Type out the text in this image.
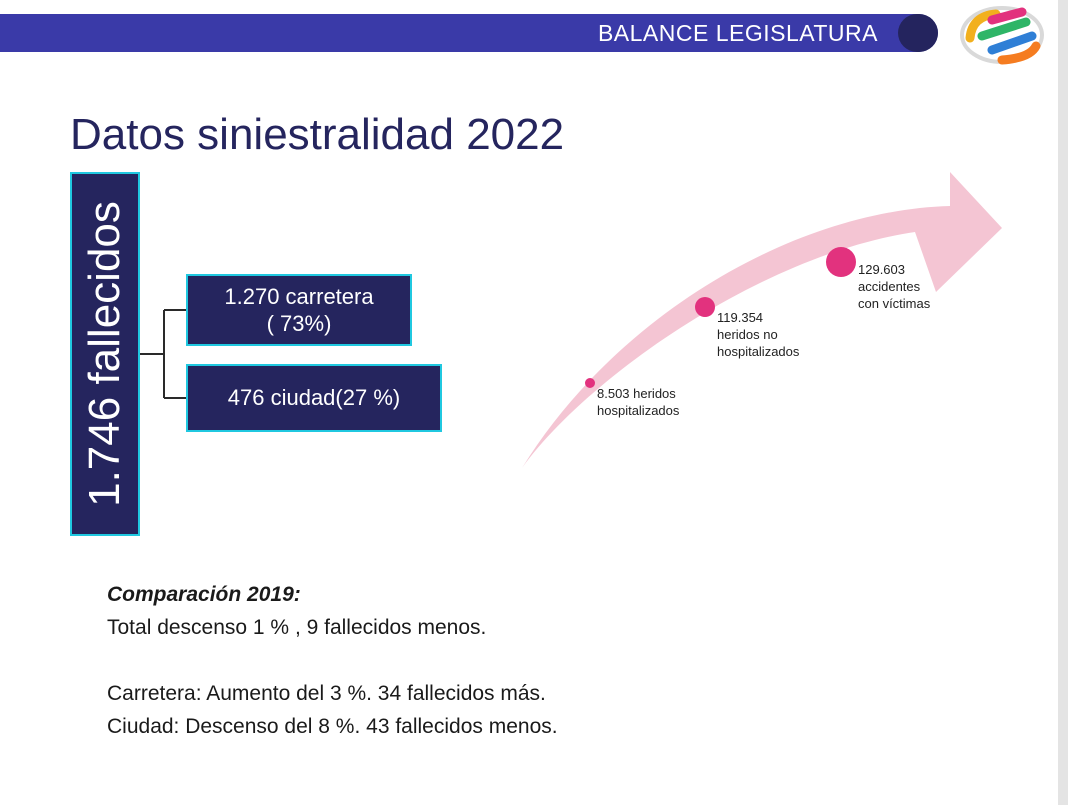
BALANCE LEGISLATURA
Datos siniestralidad 2022
1.746 fallecidos	1.270 carretera
( 73%)
476 ciudad(27 %)	8.503 heridos
hospitalizados
119.354
heridos no
hospitalizados
129.603
accidentes
con víctimas
Comparación 2019:
Total descenso 1 % , 9 fallecidos menos.
Carretera: Aumento del 3 %. 34 fallecidos más.
Ciudad: Descenso del 8 %. 43 fallecidos menos.
